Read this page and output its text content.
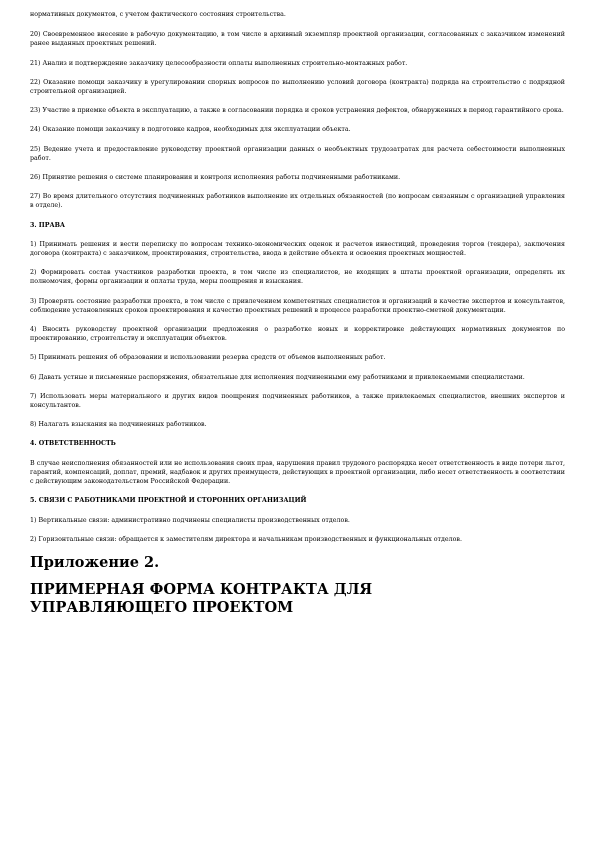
нормативных документов, с учетом фактического состояния строительства.

20) Своевременное внесение в рабочую документацию, в том числе в архивный экземпляр проектной организации, согласованных с заказчиком изменений ранее выданных проектных решений.

21) Анализ и подтверждение заказчику целесообразности оплаты выполненных строительно-монтажных работ.

22) Оказание помощи заказчику в урегулировании спорных вопросов по выполнению условий договора (контракта) подряда на строительство с подрядной строительной организацией.

23) Участие в приемке объекта в эксплуатацию, а также в согласовании порядка и сроков устранения дефектов, обнаруженных в период гарантийного срока.

24) Оказание помощи заказчику в подготовке кадров, необходимых для эксплуатации объекта.

25) Ведение учета и предоставление руководству проектной организации данных о необъектных трудозатратах для расчета себестоимости выполненных работ.

26) Принятие решения о системе планирования и контроля исполнения работы подчиненными работниками.

27) Во время длительного отсутствия подчиненных работников выполнение их отдельных обязанностей (по вопросам связанным с организацией управления в отделе).

3. ПРАВА

1) Принимать решения и вести переписку по вопросам технико-экономических оценок и расчетов инвестиций, проведения торгов (тендера), заключения договора (контракта) с заказчиком, проектирования, строительства, ввода в действие объекта и освоения проектных мощностей.

2) Формировать состав участников разработки проекта, в том числе из специалистов, не входящих в штаты проектной организации, определять их полномочия, формы организации и оплаты труда, меры поощрения и взыскания.

3) Проверять состояние разработки проекта, в том числе с привлечением компетентных специалистов и организаций в качестве экспертов и консультантов, соблюдение установленных сроков проектирования и качество проектных решений в процессе разработки проектно-сметной документации.

4) Вносить руководству проектной организации предложения о разработке новых и корректировке действующих нормативных документов по проектированию, строительству и эксплуатации объектов.

5) Принимать решения об образовании и использовании резерва средств от объемов выполненных работ.

6) Давать устные и письменные распоряжения, обязательные для исполнения подчиненными ему работниками и привлекаемыми специалистами.

7) Использовать меры материального и других видов поощрения подчиненных работников, а также привлекаемых специалистов, внешних экспертов и консультантов.

8) Налагать взыскания на подчиненных работников.

4. ОТВЕТСТВЕННОСТЬ

В случае неисполнения обязанностей или не использования своих прав, нарушения правил трудового распорядка несет ответственность в виде потери льгот, гарантий, компенсаций, доплат, премий, надбавок и других преимуществ, действующих в проектной организации, либо несет ответственность в соответствии с действующим законодательством Российской Федерации.

5. СВЯЗИ С РАБОТНИКАМИ ПРОЕКТНОЙ И СТОРОННИХ ОРГАНИЗАЦИЙ

1) Вертикальные связи: административно подчинены специалисты производственных отделов.

2) Горизонтальные связи: обращается к заместителям директора и начальникам производственных и функциональных отделов.

Приложение 2.
ПРИМЕРНАЯ ФОРМА КОНТРАКТА ДЛЯ УПРАВЛЯЮЩЕГО ПРОЕКТОМ
